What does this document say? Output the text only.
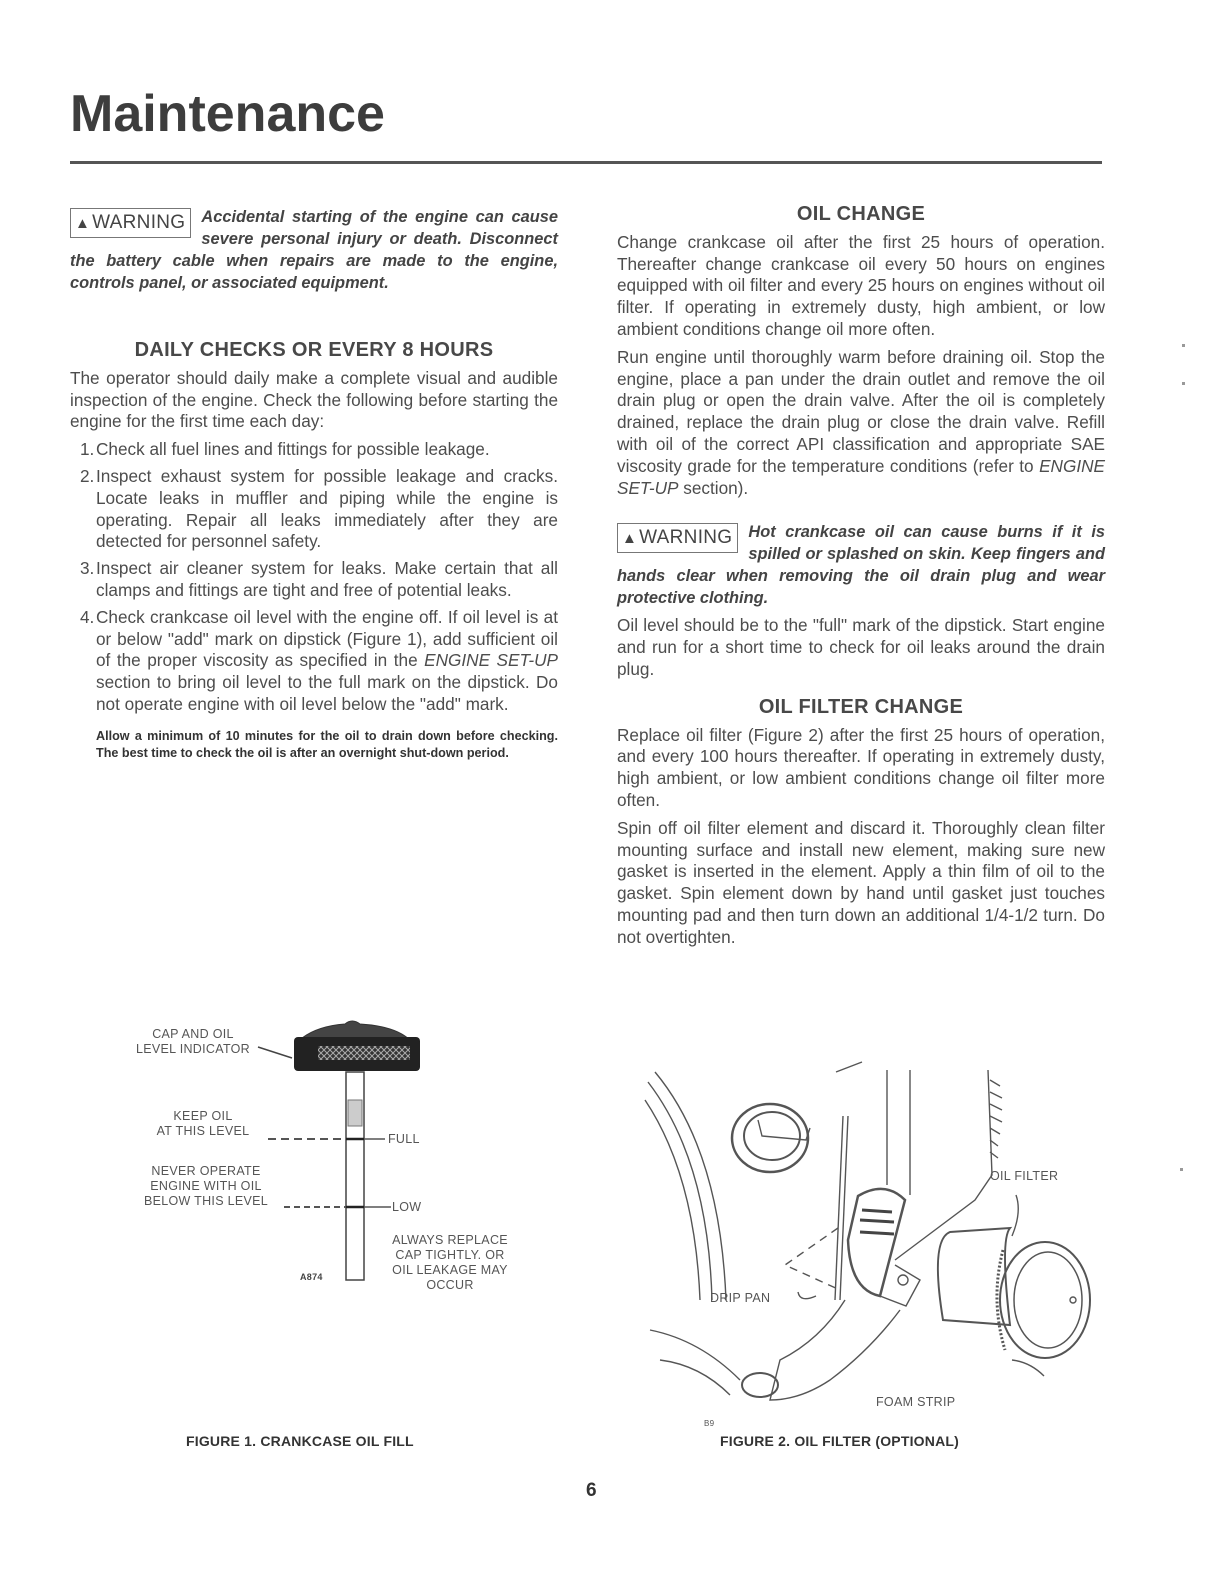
Maintenance
▲ WARNING Accidental starting of the engine can cause severe personal injury or death. Disconnect the battery cable when repairs are made to the engine, controls panel, or associated equipment.
DAILY CHECKS OR EVERY 8 HOURS

The operator should daily make a complete visual and audible inspection of the engine. Check the following before starting the engine for the first time each day:

1. Check all fuel lines and fittings for possible leakage.
2. Inspect exhaust system for possible leakage and cracks. Locate leaks in muffler and piping while the engine is operating. Repair all leaks immediately after they are detected for personnel safety.
3. Inspect air cleaner system for leaks. Make certain that all clamps and fittings are tight and free of potential leaks.
4. Check crankcase oil level with the engine off. If oil level is at or below "add" mark on dipstick (Figure 1), add sufficient oil of the proper viscosity as specified in the ENGINE SET-UP section to bring oil level to the full mark on the dipstick. Do not operate engine with oil level below the "add" mark.
Allow a minimum of 10 minutes for the oil to drain down before checking. The best time to check the oil is after an overnight shut-down period.
OIL CHANGE

Change crankcase oil after the first 25 hours of operation. Thereafter change crankcase oil every 50 hours on engines equipped with oil filter and every 25 hours on engines without oil filter. If operating in extremely dusty, high ambient, or low ambient conditions change oil more often.

Run engine until thoroughly warm before draining oil. Stop the engine, place a pan under the drain outlet and remove the oil drain plug or open the drain valve. After the oil is completely drained, replace the drain plug or close the drain valve. Refill with oil of the correct API classification and appropriate SAE viscosity grade for the temperature conditions (refer to ENGINE SET-UP section).

▲ WARNING Hot crankcase oil can cause burns if it is spilled or splashed on skin. Keep fingers and hands clear when removing the oil drain plug and wear protective clothing.

Oil level should be to the "full" mark of the dipstick. Start engine and run for a short time to check for oil leaks around the drain plug.

OIL FILTER CHANGE

Replace oil filter (Figure 2) after the first 25 hours of operation, and every 100 hours thereafter. If operating in extremely dusty, high ambient, or low ambient conditions change oil filter more often.

Spin off oil filter element and discard it. Thoroughly clean filter mounting surface and install new element, making sure new gasket is inserted in the element. Apply a thin film of oil to the gasket. Spin element down by hand until gasket just touches mounting pad and then turn down an additional 1/4-1/2 turn. Do not overtighten.

CAP AND OIL
LEVEL INDICATOR
KEEP OIL
AT THIS LEVEL
FULL
NEVER OPERATE
ENGINE WITH OIL
BELOW THIS LEVEL	LOW
ALWAYS REPLACE
CAP TIGHTLY. OR
OIL LEAKAGE MAY
OCCUR
A874
FIGURE 1. CRANKCASE OIL FILL
OIL FILTER
DRIP PAN
FOAM STRIP
B9
FIGURE 2. OIL FILTER (OPTIONAL)
6
